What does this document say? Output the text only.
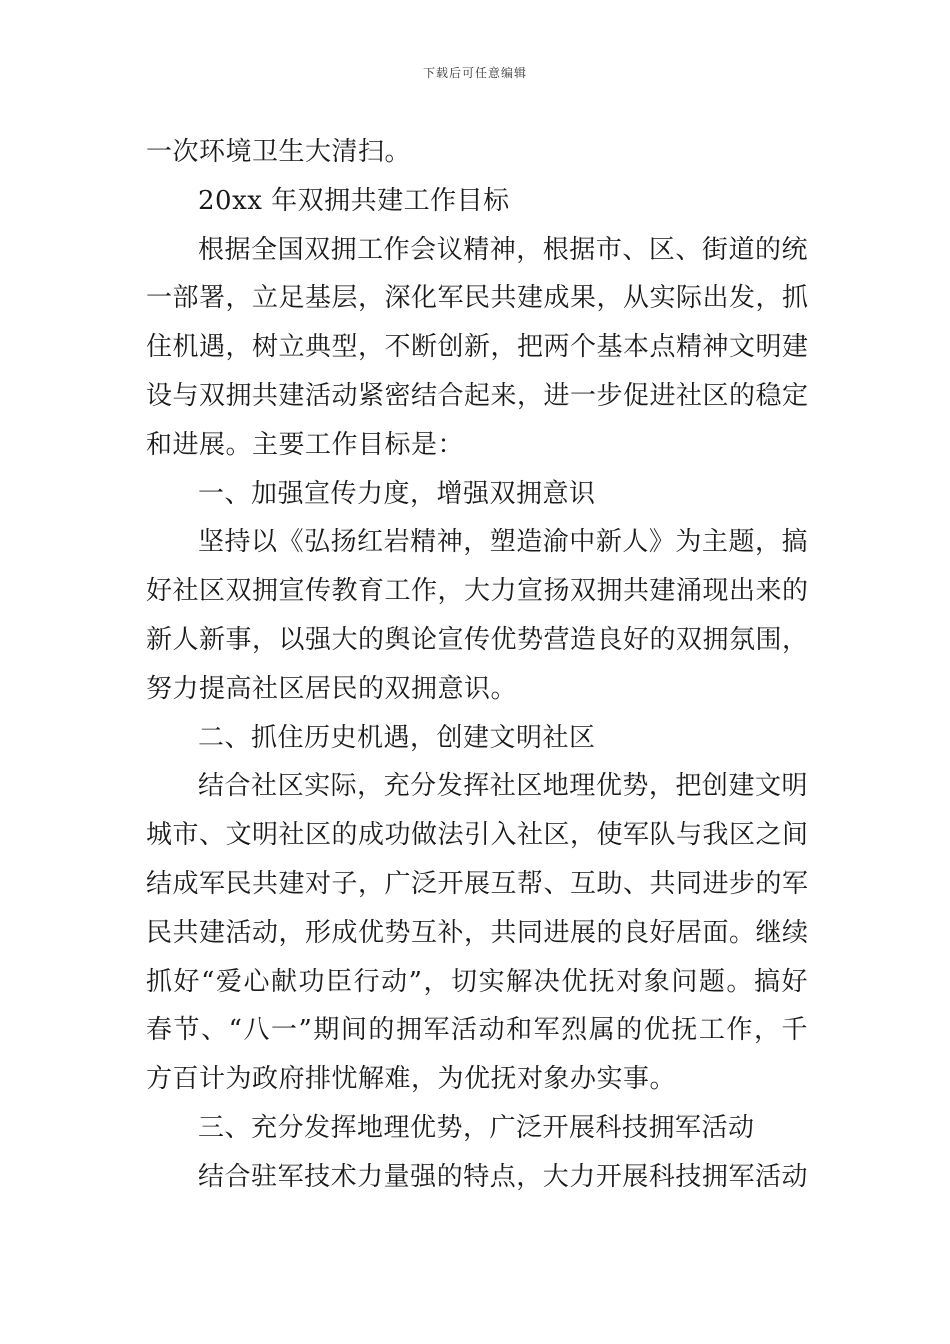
下载后可任意编辑
一次环境卫生大清扫。
20xx 年双拥共建工作目标
根据全国双拥工作会议精神，根据市、区、街道的统
一部署，立足基层，深化军民共建成果，从实际出发，抓
住机遇，树立典型，不断创新，把两个基本点精神文明建
设与双拥共建活动紧密结合起来，进一步促进社区的稳定
和进展。主要工作目标是：
一、加强宣传力度，增强双拥意识
坚持以《弘扬红岩精神，塑造渝中新人》为主题，搞
好社区双拥宣传教育工作，大力宣扬双拥共建涌现出来的
新人新事，以强大的舆论宣传优势营造良好的双拥氛围，
努力提高社区居民的双拥意识。
二、抓住历史机遇，创建文明社区
结合社区实际，充分发挥社区地理优势，把创建文明
城市、文明社区的成功做法引入社区，使军队与我区之间
结成军民共建对子，广泛开展互帮、互助、共同进步的军
民共建活动，形成优势互补，共同进展的良好居面。继续
抓好“爱心献功臣行动”，切实解决优抚对象问题。搞好
春节、“八一”期间的拥军活动和军烈属的优抚工作，千
方百计为政府排忧解难，为优抚对象办实事。
三、充分发挥地理优势，广泛开展科技拥军活动
结合驻军技术力量强的特点，大力开展科技拥军活动
